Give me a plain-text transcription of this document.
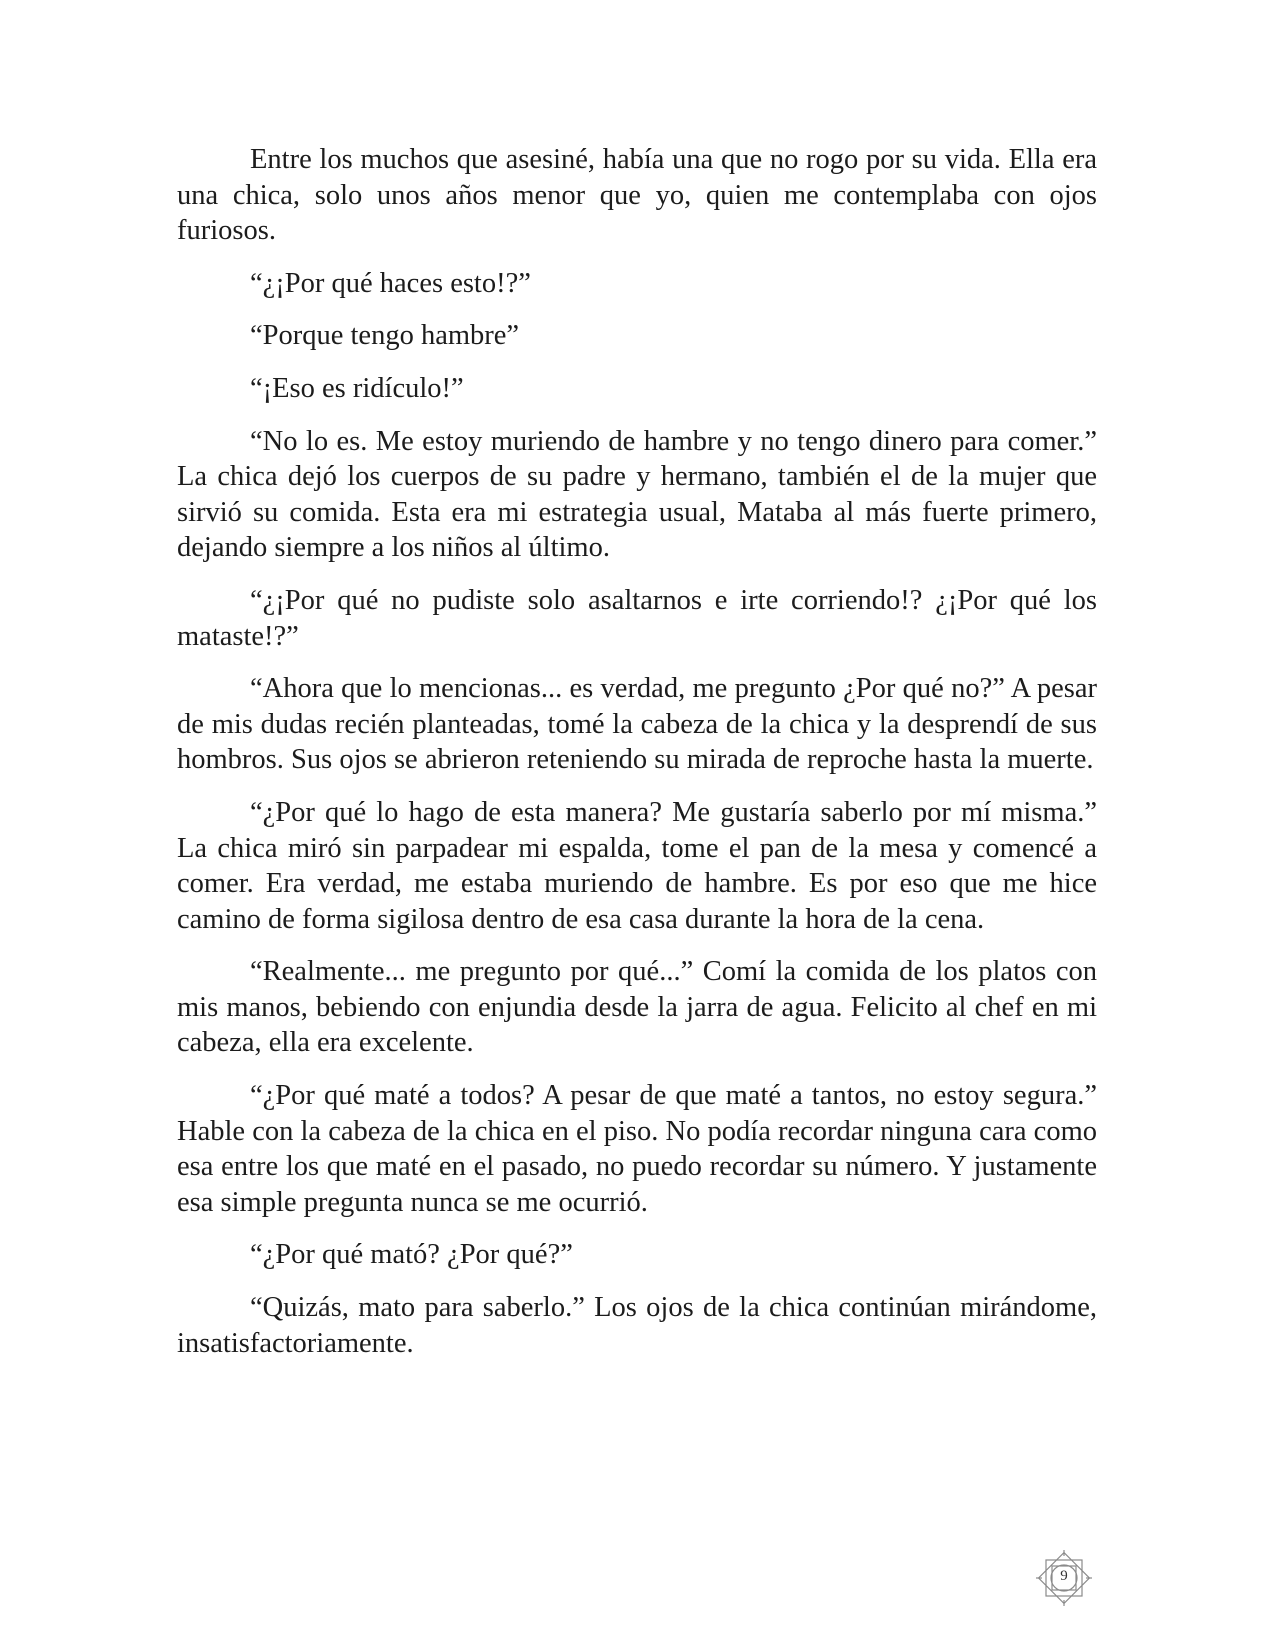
Entre los muchos que asesiné, había una que no rogo por su vida. Ella era una chica, solo unos años menor que yo, quien me contemplaba con ojos furiosos.

“¿¡Por qué haces esto!?”

“Porque tengo hambre”

“¡Eso es ridículo!”

“No lo es. Me estoy muriendo de hambre y no tengo dinero para comer.” La chica dejó los cuerpos de su padre y hermano, también el de la mujer que sirvió su comida. Esta era mi estrategia usual, Mataba al más fuerte primero, dejando siempre a los niños al último.

“¿¡Por qué no pudiste solo asaltarnos e irte corriendo!? ¿¡Por qué los mataste!?”

“Ahora que lo mencionas... es verdad, me pregunto ¿Por qué no?” A pesar de mis dudas recién planteadas, tomé la cabeza de la chica y la desprendí de sus hombros. Sus ojos se abrieron reteniendo su mirada de reproche hasta la muerte.

“¿Por qué lo hago de esta manera? Me gustaría saberlo por mí misma.” La chica miró sin parpadear mi espalda, tome el pan de la mesa y comencé a comer. Era verdad, me estaba muriendo de hambre. Es por eso que me hice camino de forma sigilosa dentro de esa casa durante la hora de la cena.

“Realmente... me pregunto por qué...” Comí la comida de los platos con mis manos, bebiendo con enjundia desde la jarra de agua. Felicito al chef en mi cabeza, ella era excelente.

“¿Por qué maté a todos? A pesar de que maté a tantos, no estoy segura.” Hable con la cabeza de la chica en el piso. No podía recordar ninguna cara como esa entre los que maté en el pasado, no puedo recordar su número. Y justamente esa simple pregunta nunca se me ocurrió.

“¿Por qué mató? ¿Por qué?”

“Quizás, mato para saberlo.” Los ojos de la chica continúan mirándome, insatisfactoriamente.

9
